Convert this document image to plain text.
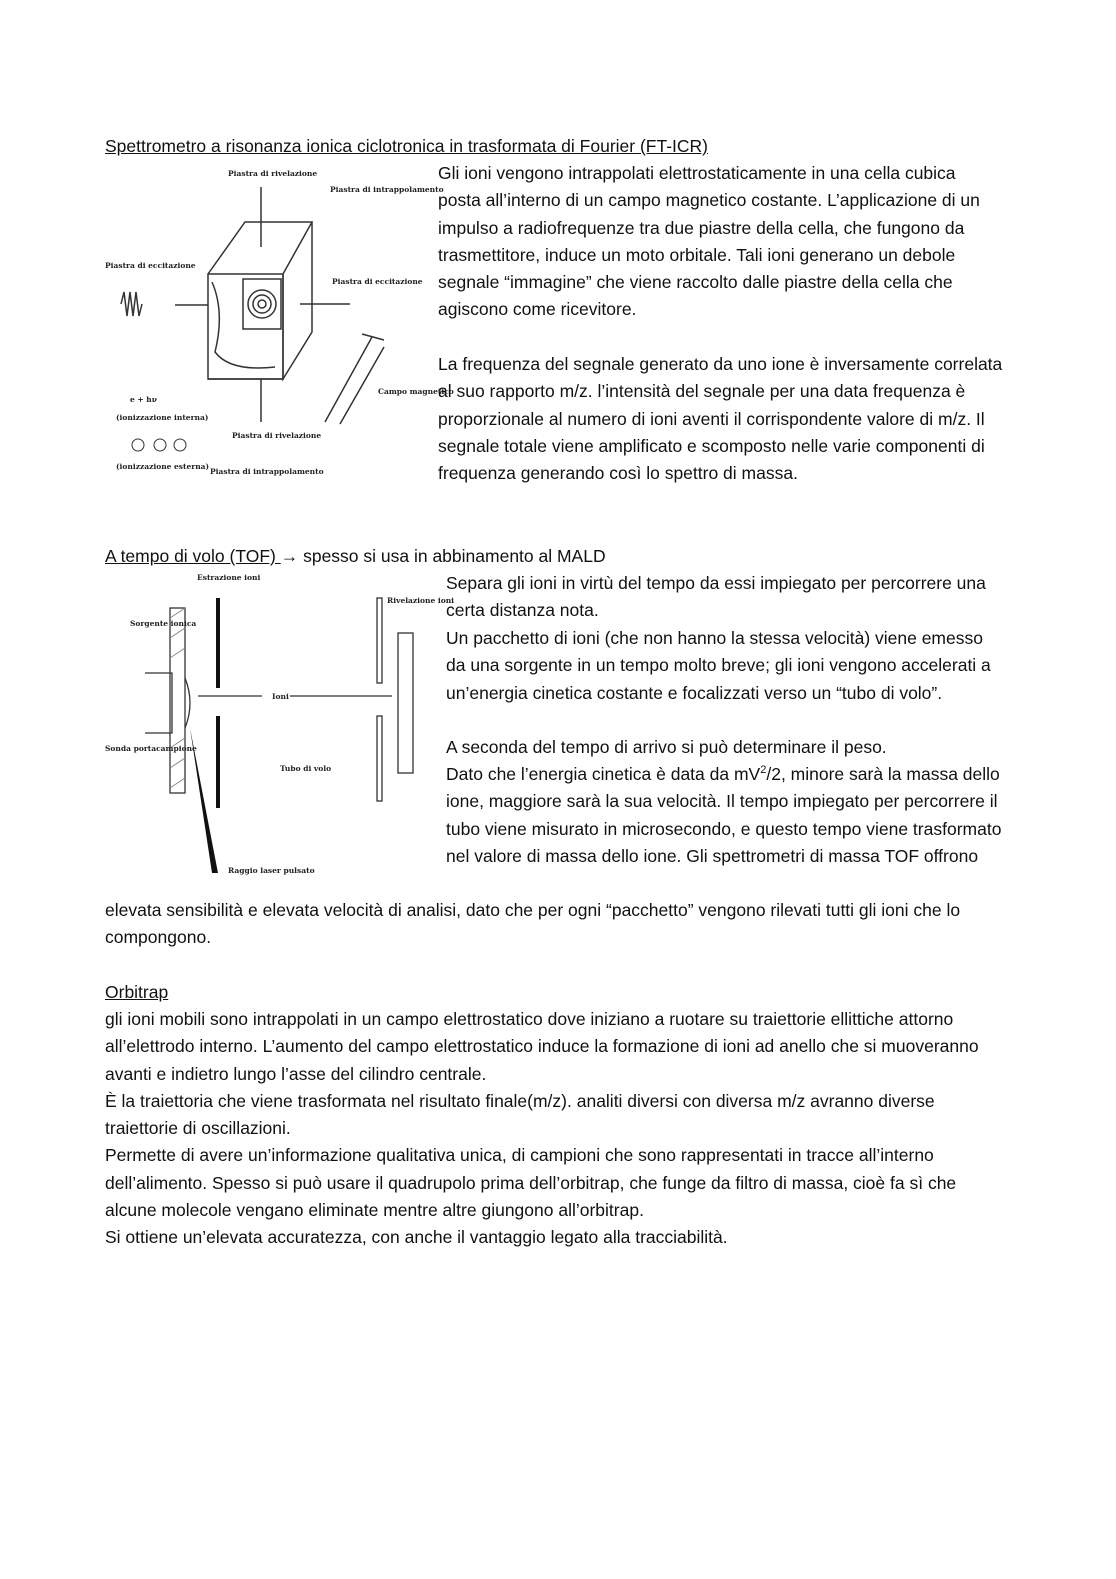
Spettrometro a risonanza ionica ciclotronica in trasformata di Fourier (FT-ICR)
Piastra di rivelazione
Piastra di intrappolamento
Piastra di eccitazione
Piastra di eccitazione
Campo magnetico
e + hν
(ionizzazione interna)
(ionizzazione esterna)
Piastra di rivelazione
Piastra di intrappolamento

Gli ioni vengono intrappolati elettrostaticamente in una cella cubica posta all’interno di un campo magnetico costante. L’applicazione di un impulso a radiofrequenze tra due piastre della cella, che fungono da trasmettitore, induce un moto orbitale. Tali ioni generano un debole segnale “immagine” che viene raccolto dalle piastre della cella che agiscono come ricevitore.

La frequenza del segnale generato da uno ione è inversamente correlata al suo rapporto m/z. l’intensità del segnale per una data frequenza è proporzionale al numero di ioni aventi il corrispondente valore di m/z. Il segnale totale viene amplificato e scomposto nelle varie componenti di frequenza generando così lo spettro di massa.

A tempo di volo (TOF) → spesso si usa in abbinamento al MALD
Estrazione ioni
Sorgente ionica
Sonda portacampione
Ioni
Tubo di volo
Rivelazione ioni
Raggio laser pulsato

Separa gli ioni in virtù del tempo da essi impiegato per percorrere una certa distanza nota.

Un pacchetto di ioni (che non hanno la stessa velocità) viene emesso da una sorgente in un tempo molto breve; gli ioni vengono accelerati a un’energia cinetica costante e focalizzati verso un “tubo di volo”.

A seconda del tempo di arrivo si può determinare il peso.

Dato che l’energia cinetica è data da $mV^2/2$, minore sarà la massa dello ione, maggiore sarà la sua velocità. Il tempo impiegato per percorrere il tubo viene misurato in microsecondo, e questo tempo viene trasformato nel valore di massa dello ione. Gli spettrometri di massa TOF offrono

elevata sensibilità e elevata velocità di analisi, dato che per ogni “pacchetto” vengono rilevati tutti gli ioni che lo compongono.

Orbitrap

gli ioni mobili sono intrappolati in un campo elettrostatico dove iniziano a ruotare su traiettorie ellittiche attorno all’elettrodo interno. L’aumento del campo elettrostatico induce la formazione di ioni ad anello che si muoveranno avanti e indietro lungo l’asse del cilindro centrale.

È la traiettoria che viene trasformata nel risultato finale(m/z). analiti diversi con diversa m/z avranno diverse traiettorie di oscillazioni.

Permette di avere un’informazione qualitativa unica, di campioni che sono rappresentati in tracce all’interno dell’alimento. Spesso si può usare il quadrupolo prima dell’orbitrap, che funge da filtro di massa, cioè fa sì che alcune molecole vengano eliminate mentre altre giungono all’orbitrap.

Si ottiene un’elevata accuratezza, con anche il vantaggio legato alla tracciabilità.
